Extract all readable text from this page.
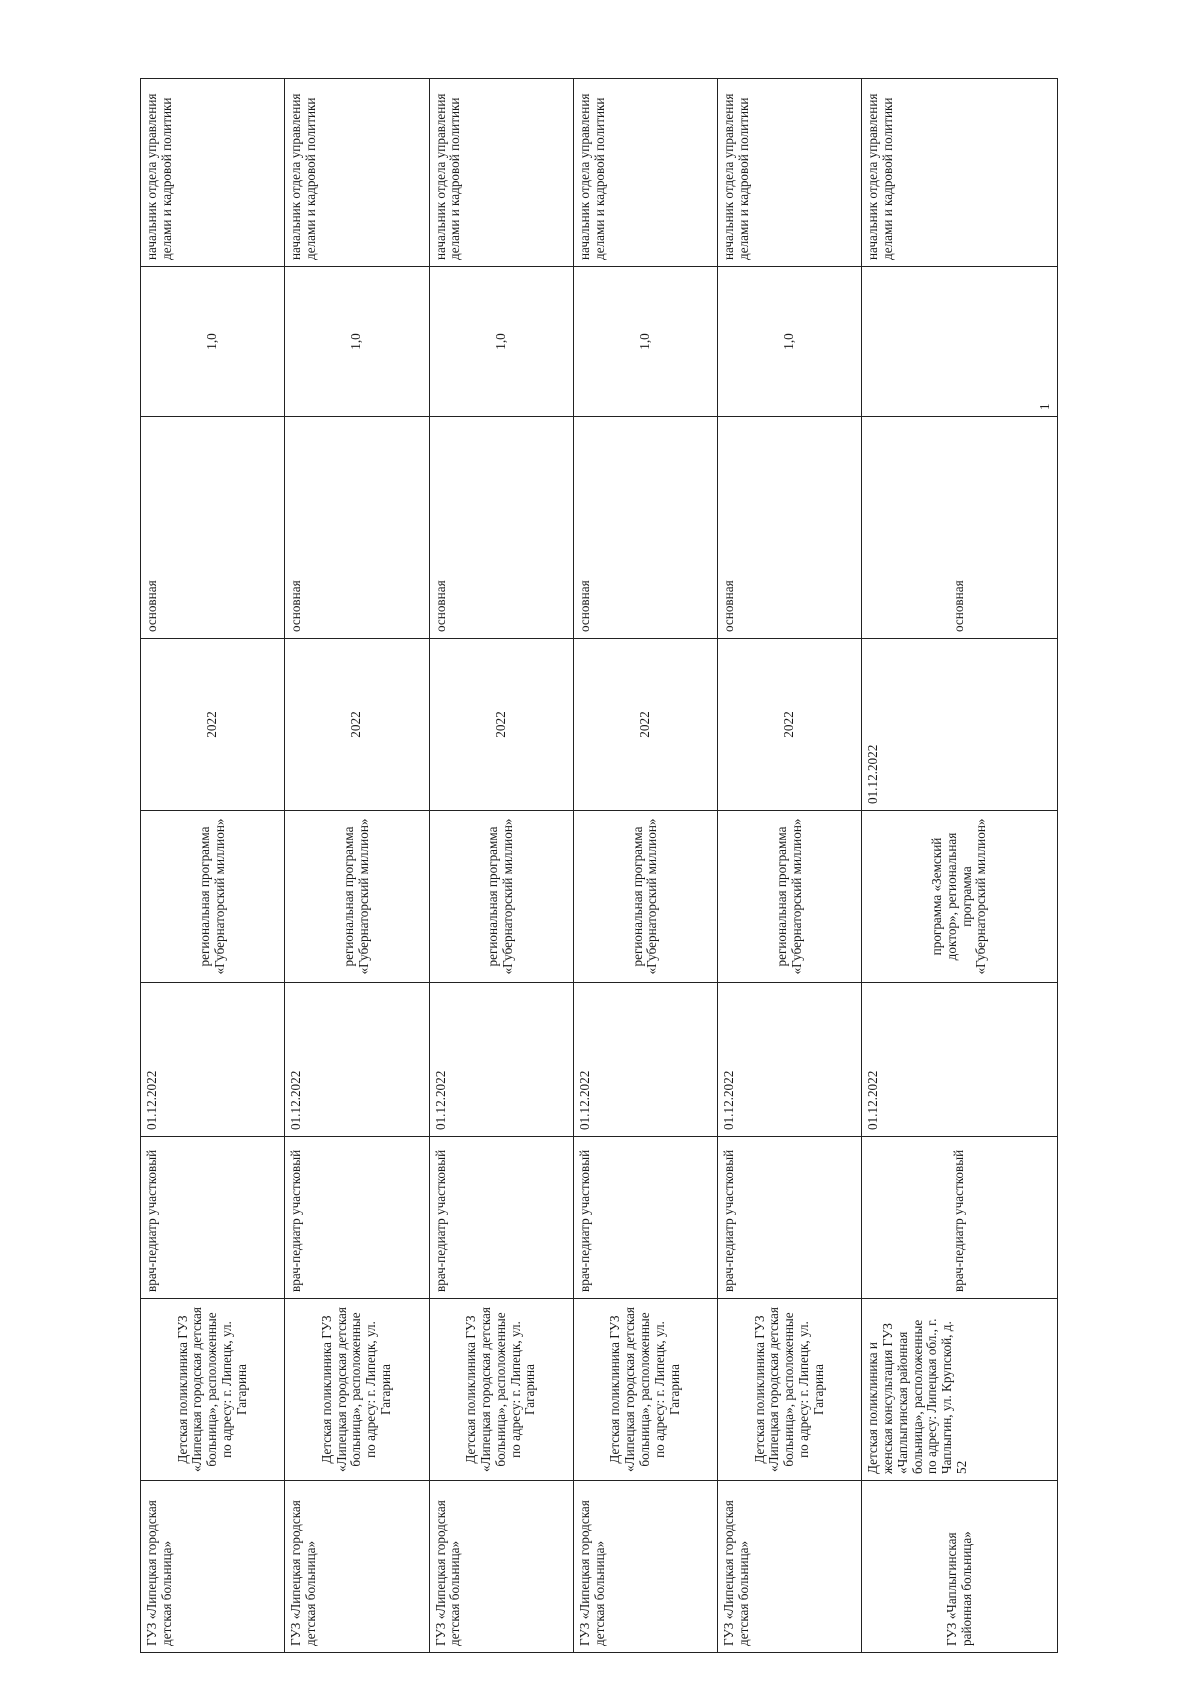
ГУЗ «Липецкая городская детская больница»	Детская поликлиника ГУЗ «Липецкая городская детская больница», расположенные по адресу: г. Липецк, ул. Гагарина	врач-педиатр участковый	01.12.2022	региональная программа «Губернаторский миллион»	2022	основная	1,0	начальник отдела управления делами и кадровой политики

ГУЗ «Липецкая городская детская больница»	Детская поликлиника ГУЗ «Липецкая городская детская больница», расположенные по адресу: г. Липецк, ул. Гагарина	врач-педиатр участковый	01.12.2022	региональная программа «Губернаторский миллион»	2022	основная	1,0	начальник отдела управления делами и кадровой политики

ГУЗ «Липецкая городская детская больница»	Детская поликлиника ГУЗ «Липецкая городская детская больница», расположенные по адресу: г. Липецк, ул. Гагарина	врач-педиатр участковый	01.12.2022	региональная программа «Губернаторский миллион»	2022	основная	1,0	начальник отдела управления делами и кадровой политики

ГУЗ «Липецкая городская детская больница»	Детская поликлиника ГУЗ «Липецкая городская детская больница», расположенные по адресу: г. Липецк, ул. Гагарина	врач-педиатр участковый	01.12.2022	региональная программа «Губернаторский миллион»	2022	основная	1,0	начальник отдела управления делами и кадровой политики

ГУЗ «Липецкая городская детская больница»	Детская поликлиника ГУЗ «Липецкая городская детская больница», расположенные по адресу: г. Липецк, ул. Гагарина	врач-педиатр участковый	01.12.2022	региональная программа «Губернаторский миллион»	2022	основная	1,0	начальник отдела управления делами и кадровой политики

ГУЗ «Чаплыгинская районная больница»	Детская поликлиника и женская консультация ГУЗ «Чаплыгинская районная больница», расположенные по адресу: Липецкая обл., г. Чаплыгин, ул. Крупской, д. 52	врач-педиатр участковый	01.12.2022	программа «Земский доктор», региональная программа «Губернаторский миллион»	01.12.2022	основная	1	начальник отдела управления делами и кадровой политики
